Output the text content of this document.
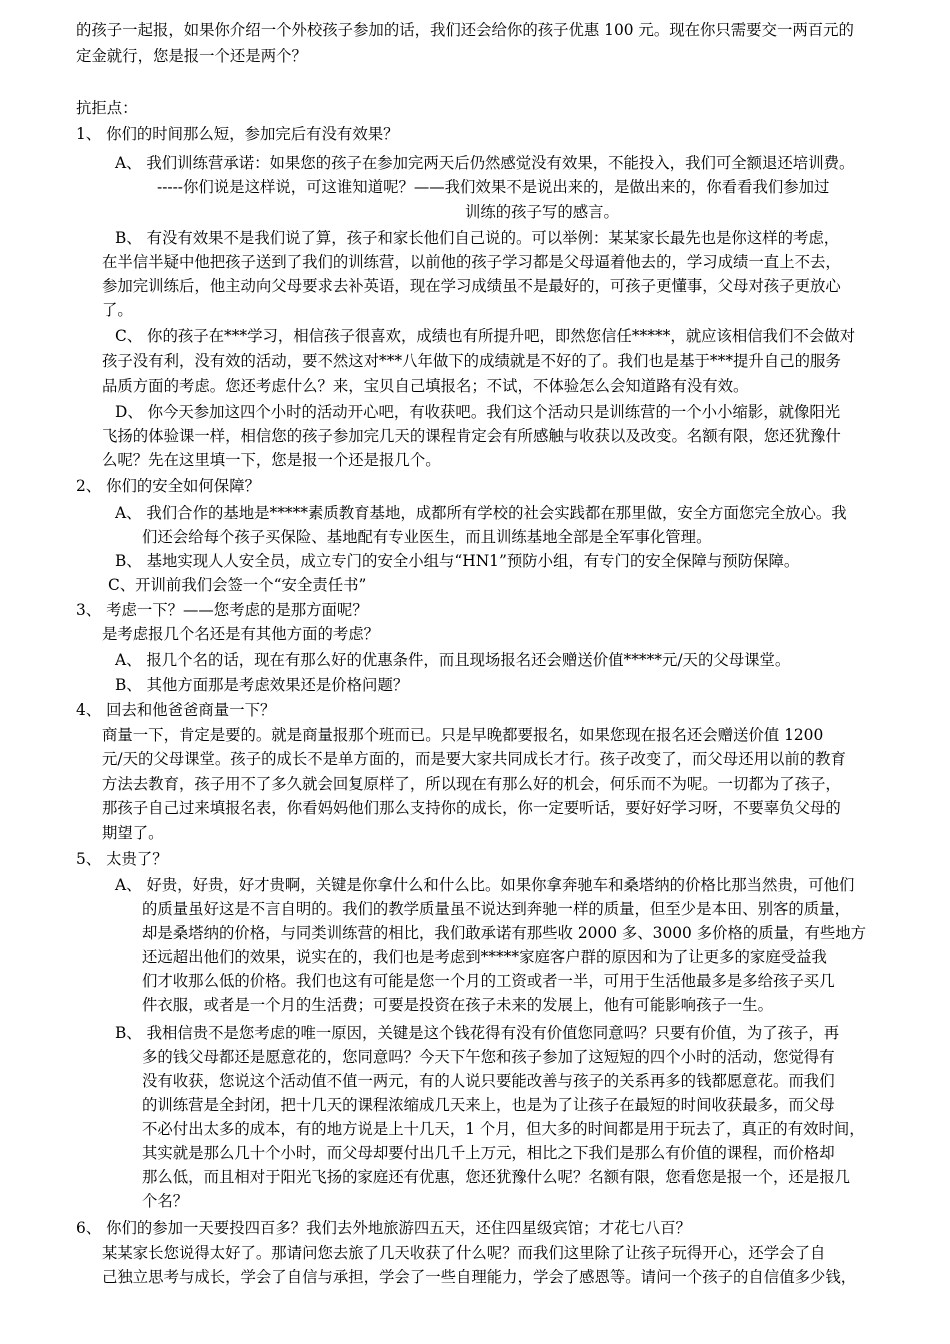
的孩子一起报，如果你介绍一个外校孩子参加的话，我们还会给你的孩子优惠 100 元。现在你只需要交一两百元的
定金就行，您是报一个还是两个？
抗拒点：
1、 你们的时间那么短，参加完后有没有效果？
A、 我们训练营承诺：如果您的孩子在参加完两天后仍然感觉没有效果，不能投入，我们可全额退还培训费。
-----你们说是这样说，可这谁知道呢？——我们效果不是说出来的，是做出来的，你看看我们参加过
训练的孩子写的感言。
B、 有没有效果不是我们说了算，孩子和家长他们自己说的。可以举例：某某家长最先也是你这样的考虑，
在半信半疑中他把孩子送到了我们的训练营，以前他的孩子学习都是父母逼着他去的，学习成绩一直上不去，
参加完训练后，他主动向父母要求去补英语，现在学习成绩虽不是最好的，可孩子更懂事，父母对孩子更放心
了。
C、 你的孩子在***学习，相信孩子很喜欢，成绩也有所提升吧，即然您信任*****，就应该相信我们不会做对
孩子没有利，没有效的活动，要不然这对***八年做下的成绩就是不好的了。我们也是基于***提升自己的服务
品质方面的考虑。您还考虑什么？来，宝贝自己填报名；不试，不体验怎么会知道路有没有效。
D、 你今天参加这四个小时的活动开心吧，有收获吧。我们这个活动只是训练营的一个小小缩影，就像阳光
飞扬的体验课一样，相信您的孩子参加完几天的课程肯定会有所感触与收获以及改变。名额有限，您还犹豫什
么呢？先在这里填一下，您是报一个还是报几个。
2、 你们的安全如何保障？
A、 我们合作的基地是*****素质教育基地，成都所有学校的社会实践都在那里做，安全方面您完全放心。我
们还会给每个孩子买保险、基地配有专业医生，而且训练基地全部是全军事化管理。
B、 基地实现人人安全员，成立专门的安全小组与“HN1”预防小组，有专门的安全保障与预防保障。
C、开训前我们会签一个“安全责任书”
3、 考虑一下？——您考虑的是那方面呢？
是考虑报几个名还是有其他方面的考虑？
A、 报几个名的话，现在有那么好的优惠条件，而且现场报名还会赠送价值*****元/天的父母课堂。
B、 其他方面那是考虑效果还是价格问题？
4、 回去和他爸爸商量一下？
商量一下，肯定是要的。就是商量报那个班而已。只是早晚都要报名，如果您现在报名还会赠送价值 1200
元/天的父母课堂。孩子的成长不是单方面的，而是要大家共同成长才行。孩子改变了，而父母还用以前的教育
方法去教育，孩子用不了多久就会回复原样了，所以现在有那么好的机会，何乐而不为呢。一切都为了孩子，
那孩子自己过来填报名表，你看妈妈他们那么支持你的成长，你一定要听话，要好好学习呀，不要辜负父母的
期望了。
5、 太贵了？
A、 好贵，好贵，好才贵啊，关键是你拿什么和什么比。如果你拿奔驰车和桑塔纳的价格比那当然贵，可他们
的质量虽好这是不言自明的。我们的教学质量虽不说达到奔驰一样的质量，但至少是本田、别客的质量，
却是桑塔纳的价格，与同类训练营的相比，我们敢承诺有那些收 2000 多、3000 多价格的质量，有些地方
还远超出他们的效果，说实在的，我们也是考虑到*****家庭客户群的原因和为了让更多的家庭受益我
们才收那么低的价格。我们也这有可能是您一个月的工资或者一半，可用于生活他最多是多给孩子买几
件衣服，或者是一个月的生活费；可要是投资在孩子未来的发展上，他有可能影响孩子一生。
B、 我相信贵不是您考虑的唯一原因，关键是这个钱花得有没有价值您同意吗？只要有价值，为了孩子，再
多的钱父母都还是愿意花的，您同意吗？今天下午您和孩子参加了这短短的四个小时的活动，您觉得有
没有收获，您说这个活动值不值一两元，有的人说只要能改善与孩子的关系再多的钱都愿意花。而我们
的训练营是全封闭，把十几天的课程浓缩成几天来上，也是为了让孩子在最短的时间收获最多，而父母
不必付出太多的成本，有的地方说是上十几天，1 个月，但大多的时间都是用于玩去了，真正的有效时间，
其实就是那么几十个小时，而父母却要付出几千上万元，相比之下我们是那么有价值的课程，而价格却
那么低，而且相对于阳光飞扬的家庭还有优惠，您还犹豫什么呢？名额有限，您看您是报一个，还是报几
个名？
6、 你们的参加一天要投四百多？我们去外地旅游四五天，还住四星级宾馆；才花七八百？
某某家长您说得太好了。那请问您去旅了几天收获了什么呢？而我们这里除了让孩子玩得开心，还学会了自
己独立思考与成长，学会了自信与承担，学会了一些自理能力，学会了感恩等。请问一个孩子的自信值多少钱，
